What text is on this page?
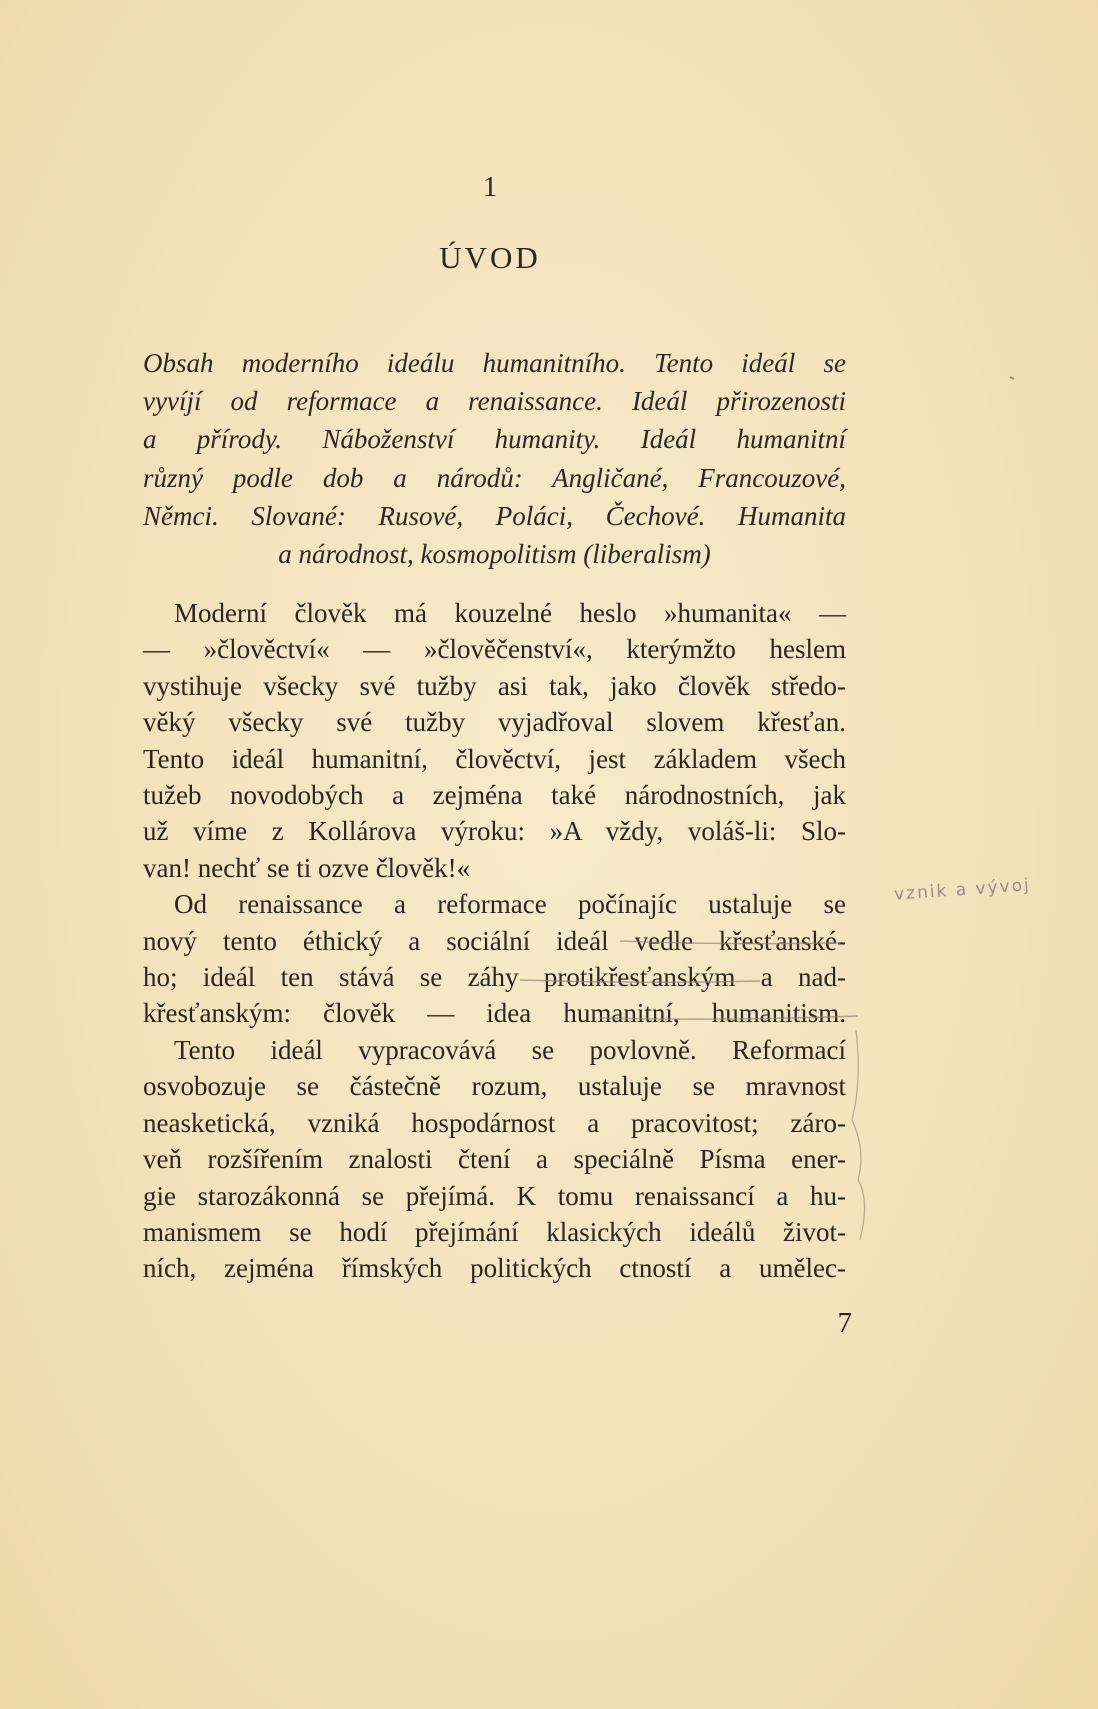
1
ÚVOD
Obsah moderního ideálu humanitního. Tento ideál se
vyvíjí od reformace a renaissance. Ideál přirozenosti
a přírody. Náboženství humanity. Ideál humanitní
různý podle dob a národů: Angličané, Francouzové,
Němci. Slované: Rusové, Poláci, Čechové. Humanita
a národnost, kosmopolitism (liberalism)
Moderní člověk má kouzelné heslo »humanita« —
— »člověctví« — »člověčenství«, kterýmžto heslem
vystihuje všecky své tužby asi tak, jako člověk středo-
věký všecky své tužby vyjadřoval slovem křesťan.
Tento ideál humanitní, člověctví, jest základem všech
tužeb novodobých a zejména také národnostních, jak
už víme z Kollárova výroku: »A vždy, voláš-li: Slo-
van! nechť se ti ozve člověk!«
Od renaissance a reformace počínajíc ustaluje se
nový tento éthický a sociální ideál vedle křesťanské-
ho; ideál ten stává se záhy protikřesťanským a nad-
křesťanským: člověk — idea humanitní, humanitism.
Tento ideál vypracovává se povlovně. Reformací
osvobozuje se částečně rozum, ustaluje se mravnost
neasketická, vzniká hospodárnost a pracovitost; záro-
veň rozšířením znalosti čtení a speciálně Písma ener-
gie starozákonná se přejímá. K tomu renaissancí a hu-
manismem se hodí přejímání klasických ideálů život-
ních, zejména římských politických ctností a umělec-
7
vznik a vývoj
